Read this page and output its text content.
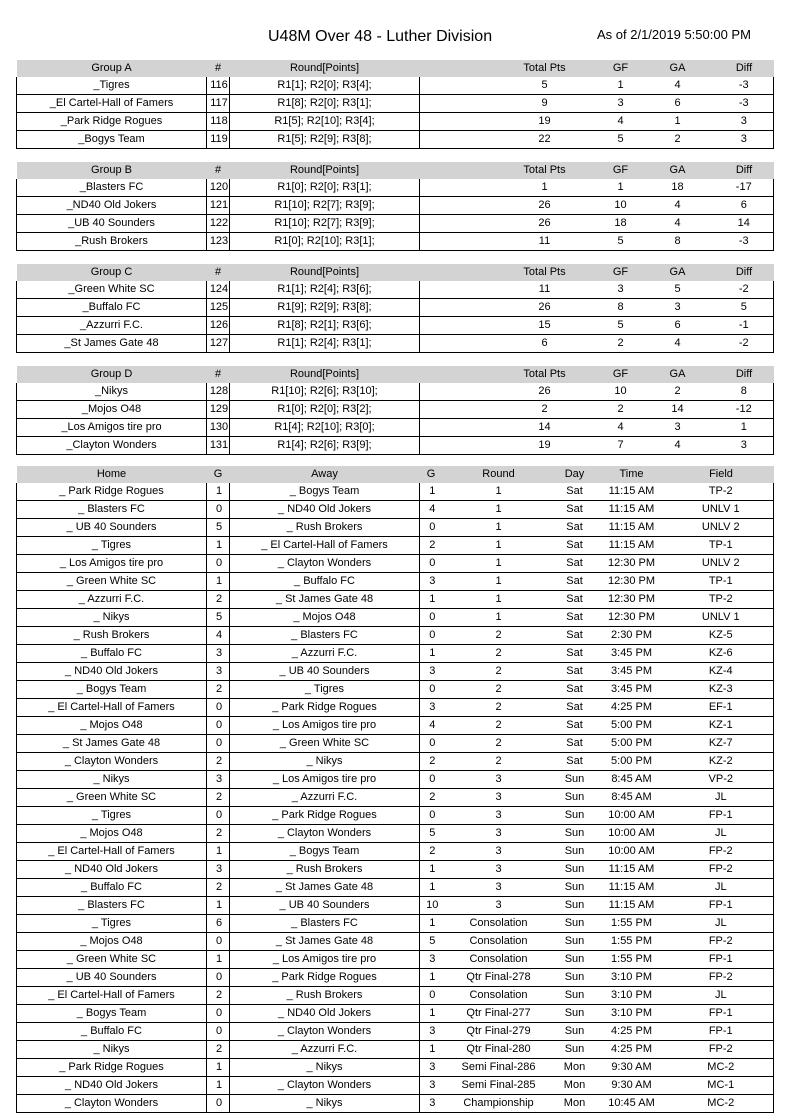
U48M Over 48 - Luther Division	As of 2/1/2019 5:50:00 PM
Group A	#	Round[Points]		Total Pts	GF	GA	Diff
_Tigres	116	R1[1]; R2[0]; R3[4];		5	1	4	-3
_El Cartel-Hall of Famers	117	R1[8]; R2[0]; R3[1];		9	3	6	-3
_Park Ridge Rogues	118	R1[5]; R2[10]; R3[4];		19	4	1	3
_Bogys Team	119	R1[5]; R2[9]; R3[8];		22	5	2	3
Group B	#	Round[Points]		Total Pts	GF	GA	Diff
_Blasters FC	120	R1[0]; R2[0]; R3[1];		1	1	18	-17
_ND40 Old Jokers	121	R1[10]; R2[7]; R3[9];		26	10	4	6
_UB 40 Sounders	122	R1[10]; R2[7]; R3[9];		26	18	4	14
_Rush Brokers	123	R1[0]; R2[10]; R3[1];		11	5	8	-3
Group C	#	Round[Points]		Total Pts	GF	GA	Diff
_Green White SC	124	R1[1]; R2[4]; R3[6];		11	3	5	-2
_Buffalo FC	125	R1[9]; R2[9]; R3[8];		26	8	3	5
_Azzurri F.C.	126	R1[8]; R2[1]; R3[6];		15	5	6	-1
_St James Gate 48	127	R1[1]; R2[4]; R3[1];		6	2	4	-2
Group D	#	Round[Points]		Total Pts	GF	GA	Diff
_Nikys	128	R1[10]; R2[6]; R3[10];		26	10	2	8
_Mojos O48	129	R1[0]; R2[0]; R3[2];		2	2	14	-12
_Los Amigos tire pro	130	R1[4]; R2[10]; R3[0];		14	4	3	1
_Clayton Wonders	131	R1[4]; R2[6]; R3[9];		19	7	4	3
Home	G	Away	G	Round	Day	Time	Field
_ Park Ridge Rogues	1	_ Bogys Team	1	1	Sat	11:15 AM	TP-2
_ Blasters FC	0	_ ND40 Old Jokers	4	1	Sat	11:15 AM	UNLV 1
_ UB 40 Sounders	5	_ Rush Brokers	0	1	Sat	11:15 AM	UNLV 2
_ Tigres	1	_ El Cartel-Hall of Famers	2	1	Sat	11:15 AM	TP-1
_ Los Amigos tire pro	0	_ Clayton Wonders	0	1	Sat	12:30 PM	UNLV 2
_ Green White SC	1	_ Buffalo FC	3	1	Sat	12:30 PM	TP-1
_ Azzurri F.C.	2	_ St James Gate 48	1	1	Sat	12:30 PM	TP-2
_ Nikys	5	_ Mojos O48	0	1	Sat	12:30 PM	UNLV 1
_ Rush Brokers	4	_ Blasters FC	0	2	Sat	2:30 PM	KZ-5
_ Buffalo FC	3	_ Azzurri F.C.	1	2	Sat	3:45 PM	KZ-6
_ ND40 Old Jokers	3	_ UB 40 Sounders	3	2	Sat	3:45 PM	KZ-4
_ Bogys Team	2	_ Tigres	0	2	Sat	3:45 PM	KZ-3
_ El Cartel-Hall of Famers	0	_ Park Ridge Rogues	3	2	Sat	4:25 PM	EF-1
_ Mojos O48	0	_ Los Amigos tire pro	4	2	Sat	5:00 PM	KZ-1
_ St James Gate 48	0	_ Green White SC	0	2	Sat	5:00 PM	KZ-7
_ Clayton Wonders	2	_ Nikys	2	2	Sat	5:00 PM	KZ-2
_ Nikys	3	_ Los Amigos tire pro	0	3	Sun	8:45 AM	VP-2
_ Green White SC	2	_ Azzurri F.C.	2	3	Sun	8:45 AM	JL
_ Tigres	0	_ Park Ridge Rogues	0	3	Sun	10:00 AM	FP-1
_ Mojos O48	2	_ Clayton Wonders	5	3	Sun	10:00 AM	JL
_ El Cartel-Hall of Famers	1	_ Bogys Team	2	3	Sun	10:00 AM	FP-2
_ ND40 Old Jokers	3	_ Rush Brokers	1	3	Sun	11:15 AM	FP-2
_ Buffalo FC	2	_ St James Gate 48	1	3	Sun	11:15 AM	JL
_ Blasters FC	1	_ UB 40 Sounders	10	3	Sun	11:15 AM	FP-1
_ Tigres	6	_ Blasters FC	1	Consolation	Sun	1:55 PM	JL
_ Mojos O48	0	_ St James Gate 48	5	Consolation	Sun	1:55 PM	FP-2
_ Green White SC	1	_ Los Amigos tire pro	3	Consolation	Sun	1:55 PM	FP-1
_ UB 40 Sounders	0	_ Park Ridge Rogues	1	Qtr Final-278	Sun	3:10 PM	FP-2
_ El Cartel-Hall of Famers	2	_ Rush Brokers	0	Consolation	Sun	3:10 PM	JL
_ Bogys Team	0	_ ND40 Old Jokers	1	Qtr Final-277	Sun	3:10 PM	FP-1
_ Buffalo FC	0	_ Clayton Wonders	3	Qtr Final-279	Sun	4:25 PM	FP-1
_ Nikys	2	_ Azzurri F.C.	1	Qtr Final-280	Sun	4:25 PM	FP-2
_ Park Ridge Rogues	1	_ Nikys	3	Semi Final-286	Mon	9:30 AM	MC-2
_ ND40 Old Jokers	1	_ Clayton Wonders	3	Semi Final-285	Mon	9:30 AM	MC-1
_ Clayton Wonders	0	_ Nikys	3	Championship	Mon	10:45 AM	MC-2
